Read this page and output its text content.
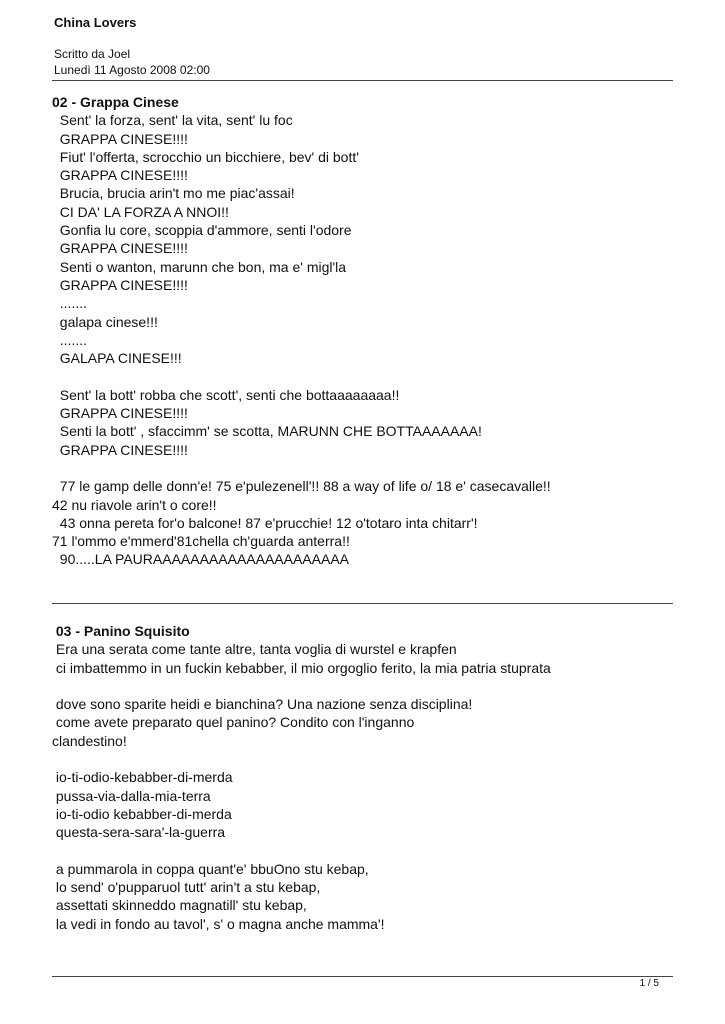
China Lovers
Scritto da Joel
Lunedì 11 Agosto 2008 02:00
02 - Grappa Cinese
Sent' la forza, sent' la vita, sent' lu foc
GRAPPA CINESE!!!!
Fiut' l'offerta, scrocchio un bicchiere, bev' di bott'
GRAPPA CINESE!!!!
Brucia, brucia arin't mo me piac'assai!
CI DA' LA FORZA A NNOI!!
Gonfia lu core, scoppia d'ammore, senti l'odore
GRAPPA CINESE!!!!
Senti o wanton, marunn che bon, ma e' migl'la
GRAPPA CINESE!!!!
.......
galapa cinese!!!
.......
GALAPA CINESE!!!
Sent' la bott' robba che scott', senti che bottaaaaaaaa!!
GRAPPA CINESE!!!!
Senti la bott' , sfaccimm' se scotta, MARUNN CHE BOTTAAAAAAA!
GRAPPA CINESE!!!!
77 le gamp delle donn'e! 75 e'pulezenell'!! 88 a way of life o/ 18 e' casecavalle!!
42 nu riavole arin't o core!!
43 onna pereta for'o balcone! 87 e'prucchie! 12 o'totaro inta chitarr'!
71 l'ommo e'mmerd'81chella ch'guarda anterra!!
90.....LA PAURAAAAAAAAAAAAAAAAAAAAA
03 - Panino Squisito
Era una serata come tante altre, tanta voglia di wurstel e krapfen
ci imbattemmo in un fuckin kebabber, il mio orgoglio ferito, la mia patria stuprata
dove sono sparite heidi e bianchina? Una nazione senza disciplina!
come avete preparato quel panino? Condito con l'inganno
clandestino!
io-ti-odio-kebabber-di-merda
pussa-via-dalla-mia-terra
io-ti-odio kebabber-di-merda
questa-sera-sara'-la-guerra
a pummarola in coppa quant'e' bbuOno stu kebap,
lo send' o'pupparuol tutt' arin't a stu kebap,
assettati skinneddo magnatill' stu kebap,
la vedi in fondo au tavol', s' o magna anche mamma'!
1 / 5
